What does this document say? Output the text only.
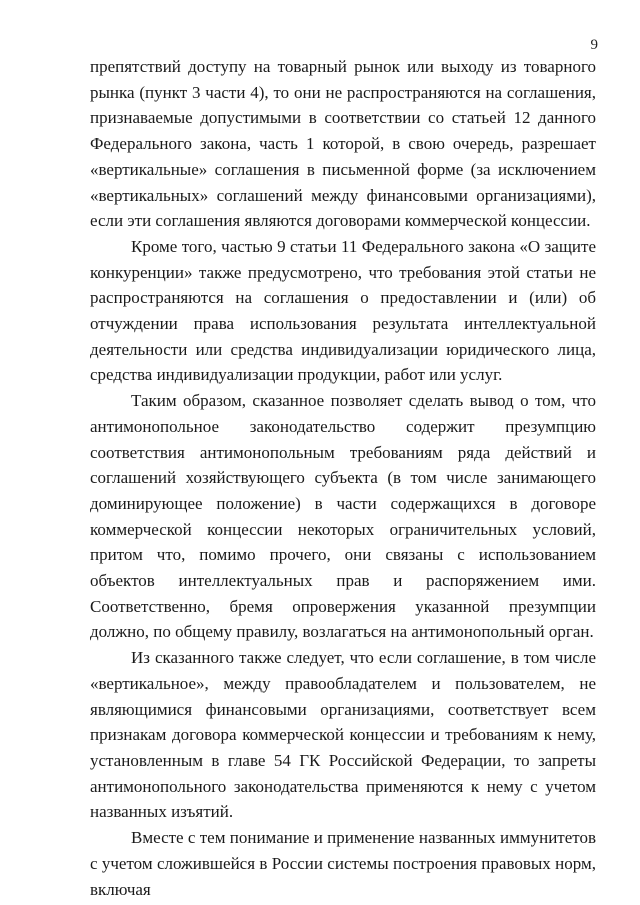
9

препятствий доступу на товарный рынок или выходу из товарного рынка (пункт 3 части 4), то они не распространяются на соглашения, признаваемые допустимыми в соответствии со статьей 12 данного Федерального закона, часть 1 которой, в свою очередь, разрешает «вертикальные» соглашения в письменной форме (за исключением «вертикальных» соглашений между финансовыми организациями), если эти соглашения являются договорами коммерческой концессии.

Кроме того, частью 9 статьи 11 Федерального закона «О защите конкуренции» также предусмотрено, что требования этой статьи не распространяются на соглашения о предоставлении и (или) об отчуждении права использования результата интеллектуальной деятельности или средства индивидуализации юридического лица, средства индивидуализации продукции, работ или услуг.

Таким образом, сказанное позволяет сделать вывод о том, что антимонопольное законодательство содержит презумпцию соответствия антимонопольным требованиям ряда действий и соглашений хозяйствующего субъекта (в том числе занимающего доминирующее положение) в части содержащихся в договоре коммерческой концессии некоторых ограничительных условий, притом что, помимо прочего, они связаны с использованием объектов интеллектуальных прав и распоряжением ими. Соответственно, бремя опровержения указанной презумпции должно, по общему правилу, возлагаться на антимонопольный орган.

Из сказанного также следует, что если соглашение, в том числе «вертикальное», между правообладателем и пользователем, не являющимися финансовыми организациями, соответствует всем признакам договора коммерческой концессии и требованиям к нему, установленным в главе 54 ГК Российской Федерации, то запреты антимонопольного законодательства применяются к нему с учетом названных изъятий.

Вместе с тем понимание и применение названных иммунитетов с учетом сложившейся в России системы построения правовых норм, включая
